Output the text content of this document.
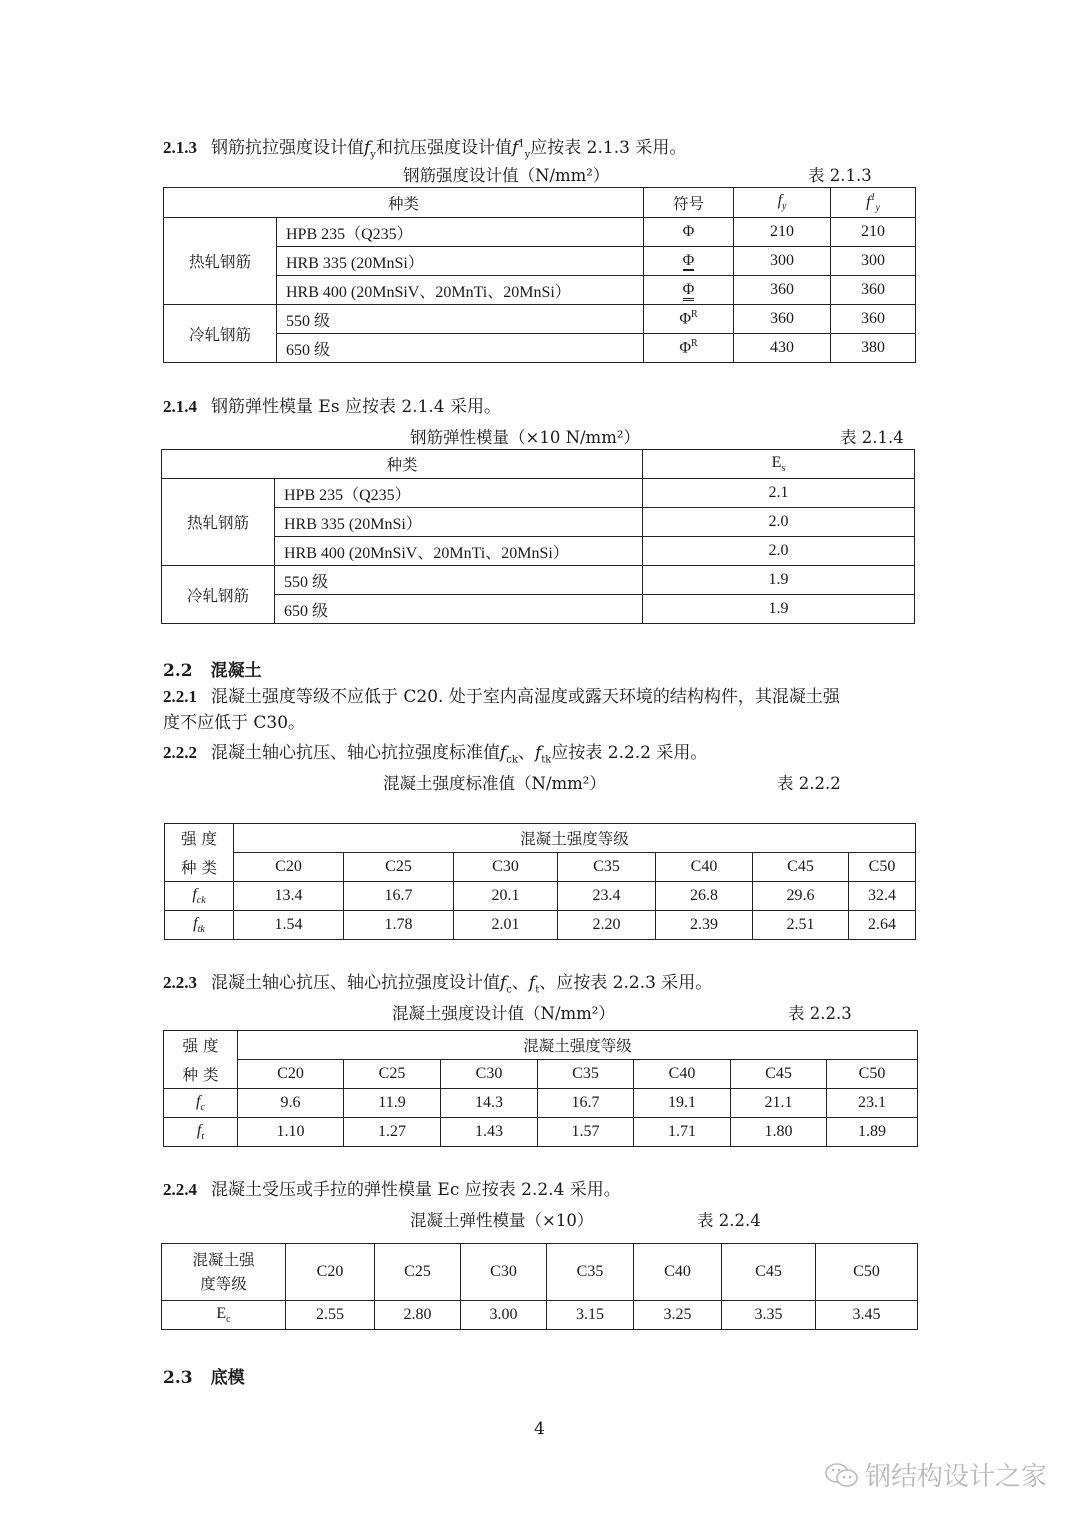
2.1.3 钢筋抗拉强度设计值$f_y$和抗压强度设计值$f^1_y$应按表 2.1.3 采用。
钢筋强度设计值（N/mm²）	表 2.1.3
种类		符号	$f_y$	$f^1_y$
热轧钢筋	HPB 235（Q235）	Φ	210	210
	HRB 335 (20MnSi）	Φ	300	300
	HRB 400 (20MnSiV、20MnTi、20MnSi）	Φ	360	360
冷轧钢筋	550 级	$\Phi^R$	360	360
	650 级	$\Phi^R$	430	380
2.1.4 钢筋弹性模量 Es 应按表 2.1.4 采用。
钢筋弹性模量（×10 N/mm²）	表 2.1.4
种类		$E_s$
热轧钢筋	HPB 235（Q235）	2.1
	HRB 335 (20MnSi）	2.0
	HRB 400 (20MnSiV、20MnTi、20MnSi）	2.0
冷轧钢筋	550 级	1.9
	650 级	1.9
2.2 混凝土
2.2.1 混凝土强度等级不应低于 C20. 处于室内高湿度或露天环境的结构构件，其混凝土强
度不应低于 C30。
2.2.2 混凝土轴心抗压、轴心抗拉强度标准值$f_{ck}$、$f_{tk}$应按表 2.2.2 采用。
混凝土强度标准值（N/mm²）	表 2.2.2
强 度	混凝土强度等级						
种 类	C20	C25	C30	C35	C40	C45	C50
$f_{ck}$	13.4	16.7	20.1	23.4	26.8	29.6	32.4
$f_{tk}$	1.54	1.78	2.01	2.20	2.39	2.51	2.64
2.2.3 混凝土轴心抗压、轴心抗拉强度设计值$f_c$、$f_t$、应按表 2.2.3 采用。
混凝土强度设计值（N/mm²）	表 2.2.3
强 度	混凝土强度等级						
种 类	C20	C25	C30	C35	C40	C45	C50
$f_c$	9.6	11.9	14.3	16.7	19.1	21.1	23.1
$f_t$	1.10	1.27	1.43	1.57	1.71	1.80	1.89
2.2.4 混凝土受压或手拉的弹性模量 Ec 应按表 2.2.4 采用。
混凝土弹性模量（×10）	表 2.2.4
混凝土强
度等级	C20	C25	C30	C35	C40	C45	C50
$E_c$	2.55	2.80	3.00	3.15	3.25	3.35	3.45
2.3 底模
4
钢结构设计之家
